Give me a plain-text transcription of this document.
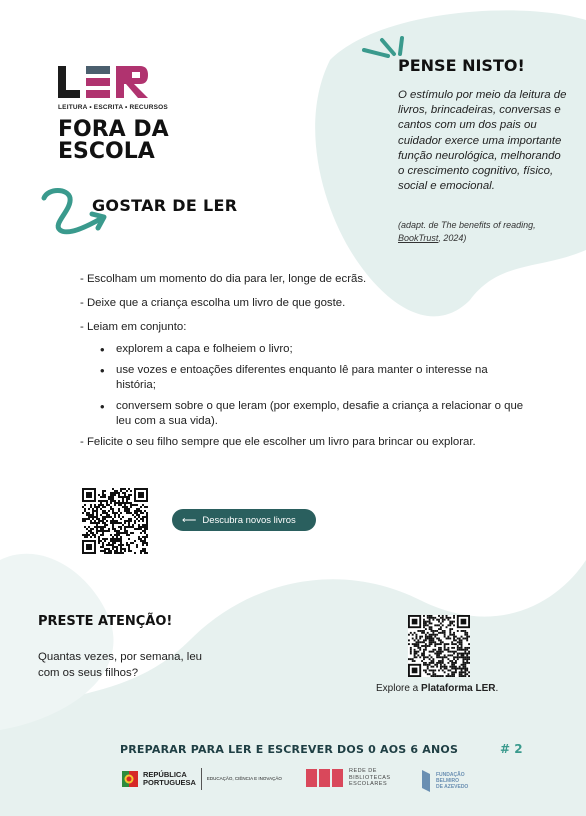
LEITURA • ESCRITA • RECURSOS
FORA DA
ESCOLA
GOSTAR DE LER
PENSE NISTO!
O estímulo por meio da leitura de livros, brincadeiras, conversas e cantos com um dos pais ou cuidador exerce uma importante função neurológica, melhorando o crescimento cognitivo, físico, social e emocional.
(adapt. de The benefits of reading, BookTrust, 2024)
- Escolham um momento do dia para ler, longe de ecrãs.
- Deixe que a criança escolha um livro de que goste.
- Leiam em conjunto:
• explorem a capa e folheiem o livro;
• use vozes e entoações diferentes enquanto lê para manter o interesse na história;
• conversem sobre o que leram (por exemplo, desafie a criança a relacionar o que leu com a sua vida).
- Felicite o seu filho sempre que ele escolher um livro para brincar ou explorar.
⟵ Descubra novos livros
PRESTE ATENÇÃO!
Quantas vezes, por semana, leu com os seus filhos?
Explore a Plataforma LER.
PREPARAR PARA LER E ESCREVER DOS 0 AOS 6 ANOS	# 2
REPÚBLICA
PORTUGUESA EDUCAÇÃO, CIÊNCIA E INOVAÇÃO
REDE DE
BIBLIOTECAS
ESCOLARES
FUNDAÇÃO
BELMIRO
DE AZEVEDO
